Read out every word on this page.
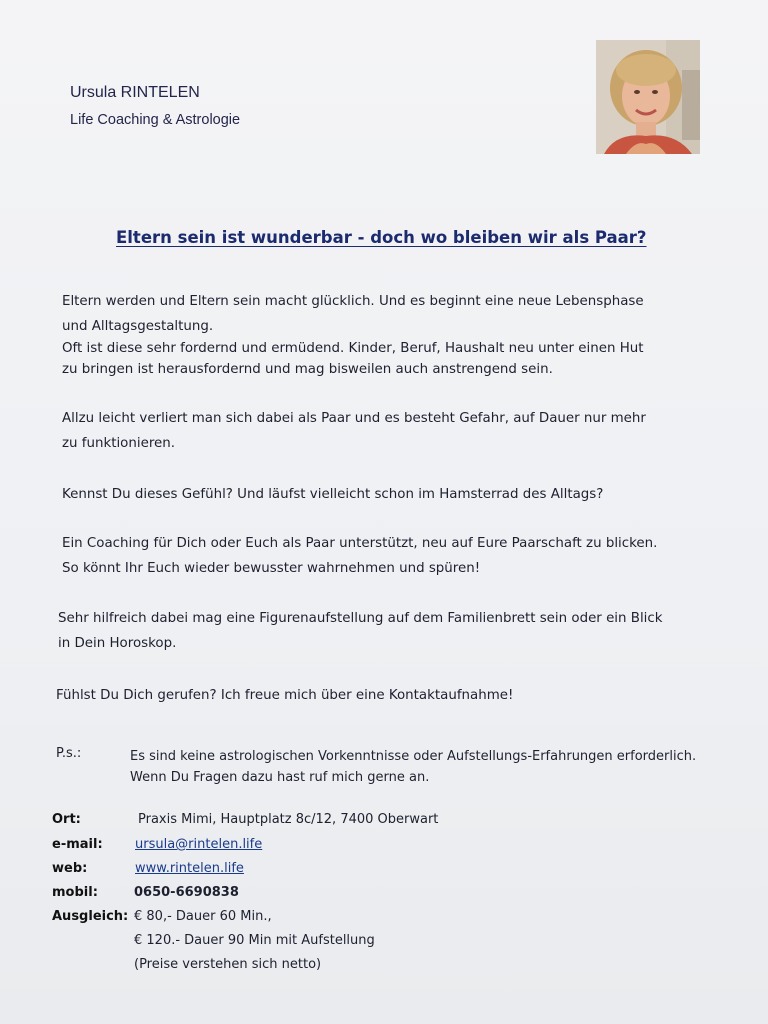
Ursula RINTELEN
Life Coaching & Astrologie
Eltern sein ist wunderbar - doch wo bleiben wir als Paar?
Eltern werden und Eltern sein macht glücklich. Und es beginnt eine neue Lebensphase
und Alltagsgestaltung.
Oft ist diese sehr fordernd und ermüdend. Kinder, Beruf, Haushalt neu unter einen Hut
zu bringen ist herausfordernd und mag bisweilen auch anstrengend sein.
Allzu leicht verliert man sich dabei als Paar und es besteht Gefahr, auf Dauer nur mehr
zu funktionieren.
Kennst Du dieses Gefühl? Und läufst vielleicht schon im Hamsterrad des Alltags?
Ein Coaching für Dich oder Euch als Paar unterstützt, neu auf Eure Paarschaft zu blicken.
So könnt Ihr Euch wieder bewusster wahrnehmen und spüren!
Sehr hilfreich dabei mag eine Figurenaufstellung auf dem Familienbrett sein oder ein Blick
in Dein Horoskop.
Fühlst Du Dich gerufen? Ich freue mich über eine Kontaktaufnahme!
P.s.:	Es sind keine astrologischen Vorkenntnisse oder Aufstellungs-Erfahrungen erforderlich.
Wenn Du Fragen dazu hast ruf mich gerne an.
Ort:	Praxis Mimi, Hauptplatz 8c/12, 7400 Oberwart
e-mail: ursula@rintelen.life
web:	www.rintelen.life
mobil:	0650-6690838
Ausgleich: € 80,- Dauer 60 Min.,
€ 120.- Dauer 90 Min mit Aufstellung
(Preise verstehen sich netto)
